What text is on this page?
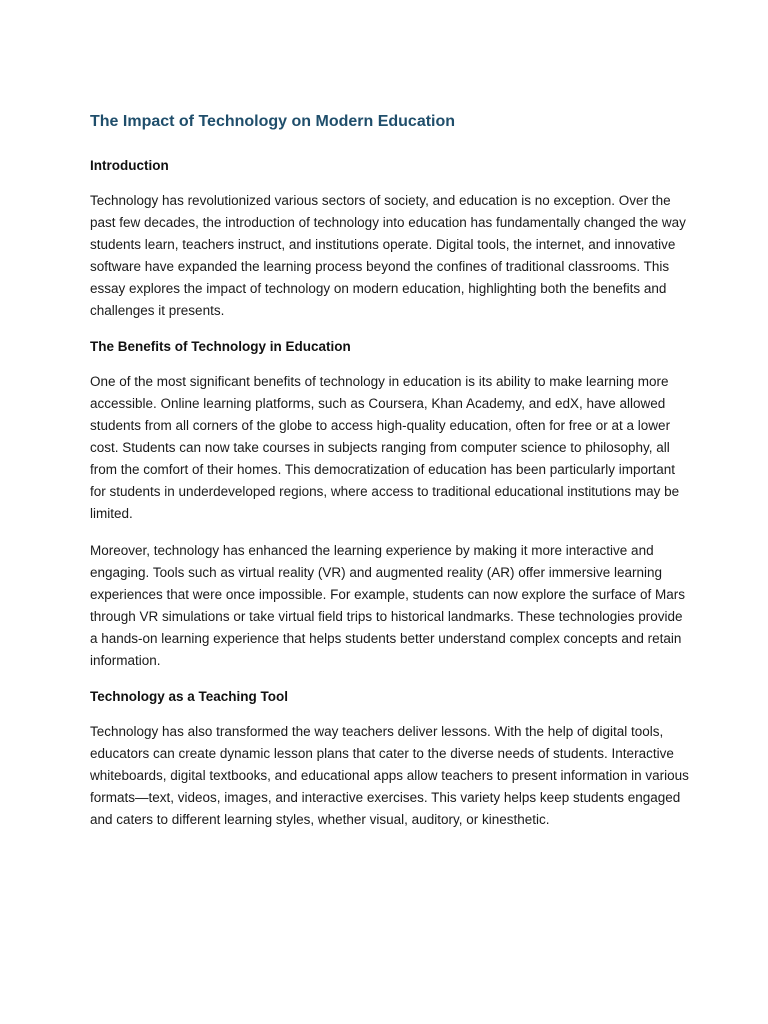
The Impact of Technology on Modern Education
Introduction

Technology has revolutionized various sectors of society, and education is no exception. Over the past few decades, the introduction of technology into education has fundamentally changed the way students learn, teachers instruct, and institutions operate. Digital tools, the internet, and innovative software have expanded the learning process beyond the confines of traditional classrooms. This essay explores the impact of technology on modern education, highlighting both the benefits and challenges it presents.

The Benefits of Technology in Education

One of the most significant benefits of technology in education is its ability to make learning more accessible. Online learning platforms, such as Coursera, Khan Academy, and edX, have allowed students from all corners of the globe to access high-quality education, often for free or at a lower cost. Students can now take courses in subjects ranging from computer science to philosophy, all from the comfort of their homes. This democratization of education has been particularly important for students in underdeveloped regions, where access to traditional educational institutions may be limited.

Moreover, technology has enhanced the learning experience by making it more interactive and engaging. Tools such as virtual reality (VR) and augmented reality (AR) offer immersive learning experiences that were once impossible. For example, students can now explore the surface of Mars through VR simulations or take virtual field trips to historical landmarks. These technologies provide a hands-on learning experience that helps students better understand complex concepts and retain information.

Technology as a Teaching Tool

Technology has also transformed the way teachers deliver lessons. With the help of digital tools, educators can create dynamic lesson plans that cater to the diverse needs of students. Interactive whiteboards, digital textbooks, and educational apps allow teachers to present information in various formats—text, videos, images, and interactive exercises. This variety helps keep students engaged and caters to different learning styles, whether visual, auditory, or kinesthetic.
